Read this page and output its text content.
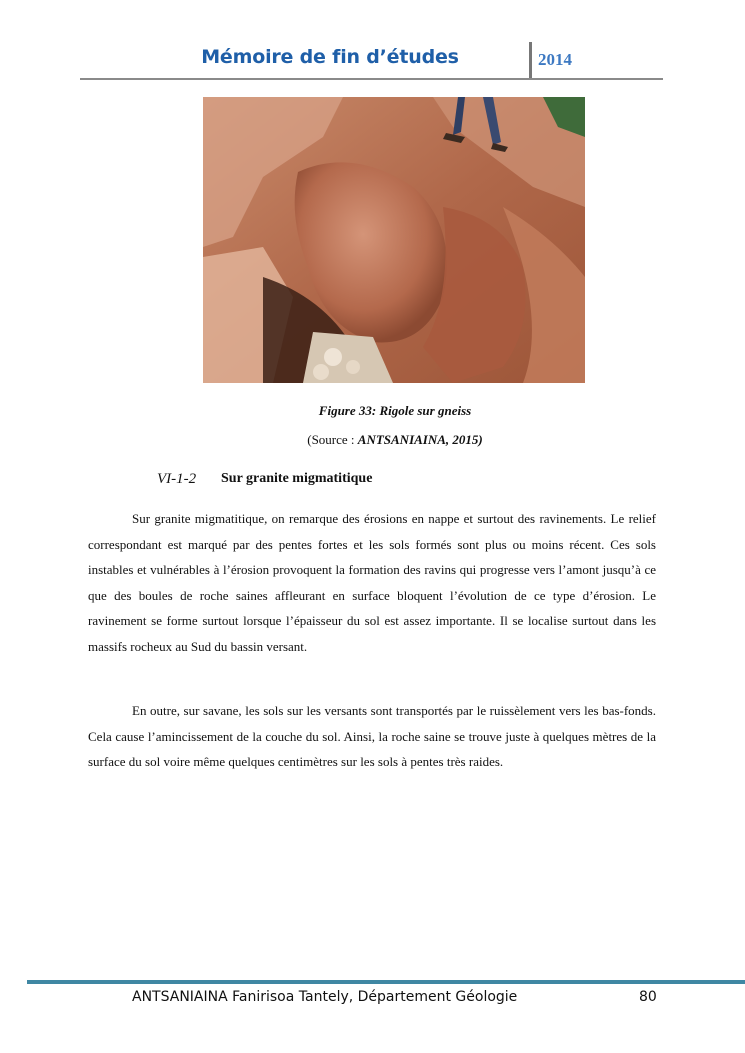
Mémoire de fin d’études	2014
Figure 33: Rigole sur gneiss
(Source : ANTSANIAINA, 2015)
VI-1-2 Sur granite migmatitique

Sur granite migmatitique, on remarque des érosions en nappe et surtout des ravinements. Le relief correspondant est marqué par des pentes fortes et les sols formés sont plus ou moins récent. Ces sols instables et vulnérables à l’érosion provoquent la formation des ravins qui progresse vers l’amont jusqu’à ce que des boules de roche saines affleurant en surface bloquent l’évolution de ce type d’érosion. Le ravinement se forme surtout lorsque l’épaisseur du sol est assez importante. Il se localise surtout dans les massifs rocheux au Sud du bassin versant.

En outre, sur savane, les sols sur les versants sont transportés par le ruissèlement vers les bas-fonds. Cela cause l’amincissement de la couche du sol. Ainsi, la roche saine se trouve juste à quelques mètres de la surface du sol voire même quelques centimètres sur les sols à pentes très raides.

ANTSANIAINA Fanirisoa Tantely, Département Géologie	80
